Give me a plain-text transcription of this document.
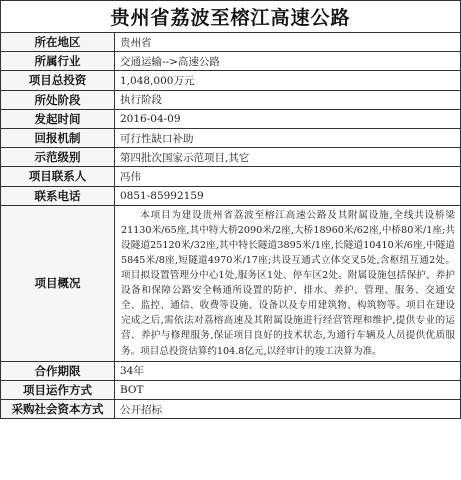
贵州省荔波至榕江高速公路
所在地区	贵州省
所属行业	交通运输-->高速公路
项目总投资	1,048,000万元
所处阶段	执行阶段
发起时间	2016-04-09
回报机制	可行性缺口补助
示范级别	第四批次国家示范项目,其它
项目联系人	冯伟
联系电话	0851-85992159
项目概况	本项目为建设贵州省荔波至榕江高速公路及其附属设施,全线共设桥梁21130米/65座,其中特大桥2090米/2座,大桥18960米/62座,中桥80米/1座;共设隧道25120米/32座,其中特长隧道3895米/1座,长隧道10410米/6座,中隧道5845米/8座,短隧道4970米/17座;共设互通式立体交叉5处,含枢纽互通2处。项目拟设置管理分中心1处,服务区1处、停车区2处。附属设施包括保护、养护设备和保障公路安全畅通所设置的防护、排水、养护、管理、服务、交通安全、监控、通信、收费等设施、设备以及专用建筑物、构筑物等。项目在建设完成之后,需依法对荔榕高速及其附属设施进行经营管理和维护,提供专业的运营、养护与修理服务,保证项目良好的技术状态,为通行车辆及人员提供优质服务。项目总投资估算约104.8亿元,以经审计的竣工决算为准。
合作期限	34年
项目运作方式	BOT
采购社会资本方式	公开招标
